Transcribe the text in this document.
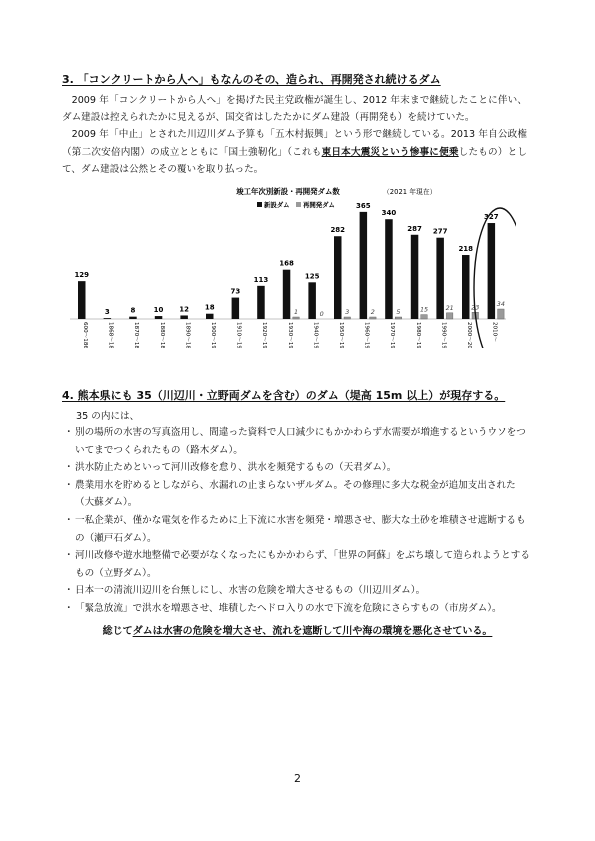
3. 「コンクリートから人へ」もなんのその、造られ、再開発され続けるダム

2009 年「コンクリートから人へ」を掲げた民主党政権が誕生し、2012 年末まで継続したことに伴い、ダム建設は控えられたかに見えるが、国交省はしたたかにダム建設（再開発も）を続けていた。

2009 年「中止」とされた川辺川ダム予算も「五木村振興」という形で継続している。2013 年自公政権（第二次安倍内閣）の成立とともに「国土強靭化」（これも東日本大震災という惨事に便乗したもの）として、ダム建設は公然とその覆いを取り払った。

竣工年次別新設・再開発ダム数	（2021 年現在）
新設ダム 再開発ダム
129
3	8	10 12 18
73
113
168
1
125
0
282
3
365
2
340
5
287
15
277
21
218
23
327
34
600～1867	1868～1870	1870～1879	1880～1889	1890～1899	1900～1909	1910～1919	1920～1929	1930～1939	1940～1949	1950～1959	1960～1969	1970～1979	1980～1989	1990～1999	2000～2009	2010～
4. 熊本県にも 35（川辺川・立野両ダムを含む）のダム（堤高 15m 以上）が現存する。
35 の内には、
・ 別の場所の水害の写真盗用し、間違った資料で人口減少にもかかわらず水需要が増進するというウソをついてまでつくられたもの（路木ダム）。
・ 洪水防止ためといって河川改修を怠り、洪水を頻発するもの（天君ダム）。
・ 農業用水を貯めるとしながら、水漏れの止まらないザルダム。その修理に多大な税金が追加支出された（大蘇ダム）。
・ 一私企業が、僅かな電気を作るために上下流に水害を頻発・増悪させ、膨大な土砂を堆積させ遮断するもの（瀬戸石ダム）。
・ 河川改修や遊水地整備で必要がなくなったにもかかわらず、「世界の阿蘇」をぶち壊して造られようとするもの（立野ダム）。
・ 日本一の清流川辺川を台無しにし、水害の危険を増大させるもの（川辺川ダム）。
・ 「緊急放流」で洪水を増悪させ、堆積したヘドロ入りの水で下流を危険にさらすもの（市房ダム）。
総じてダムは水害の危険を増大させ、流れを遮断して川や海の環境を悪化させている。
2
